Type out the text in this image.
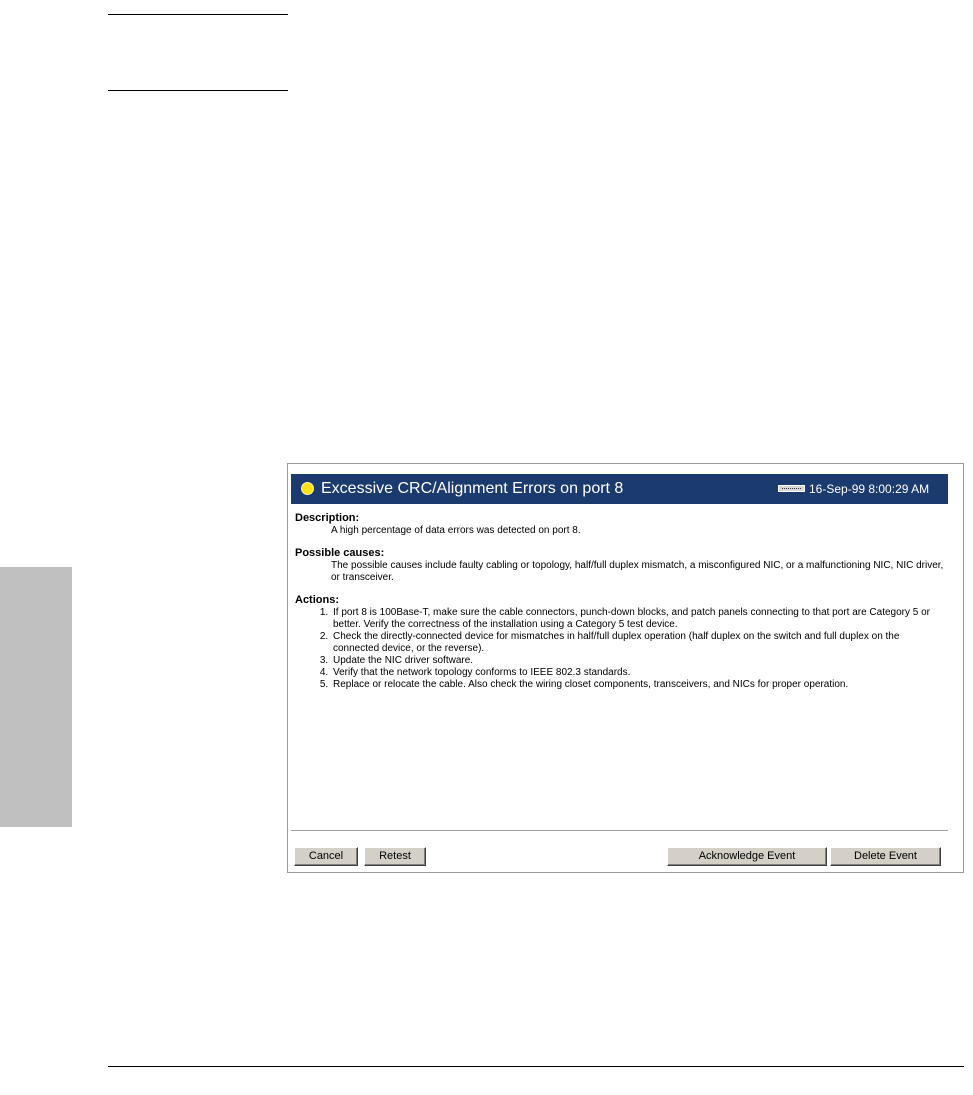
Excessive CRC/Alignment Errors on port 8	16-Sep-99 8:00:29 AM
Description:
A high percentage of data errors was detected on port 8.
Possible causes:
The possible causes include faulty cabling or topology, half/full duplex mismatch, a misconfigured NIC, or a malfunctioning NIC, NIC driver, or transceiver.
Actions:
1. If port 8 is 100Base-T, make sure the cable connectors, punch-down blocks, and patch panels connecting to that port are Category 5 or better. Verify the correctness of the installation using a Category 5 test device.
2. Check the directly-connected device for mismatches in half/full duplex operation (half duplex on the switch and full duplex on the connected device, or the reverse).
3. Update the NIC driver software.
4. Verify that the network topology conforms to IEEE 802.3 standards.
5. Replace or relocate the cable. Also check the wiring closet components, transceivers, and NICs for proper operation.
Cancel	Retest	Acknowledge Event	Delete Event
